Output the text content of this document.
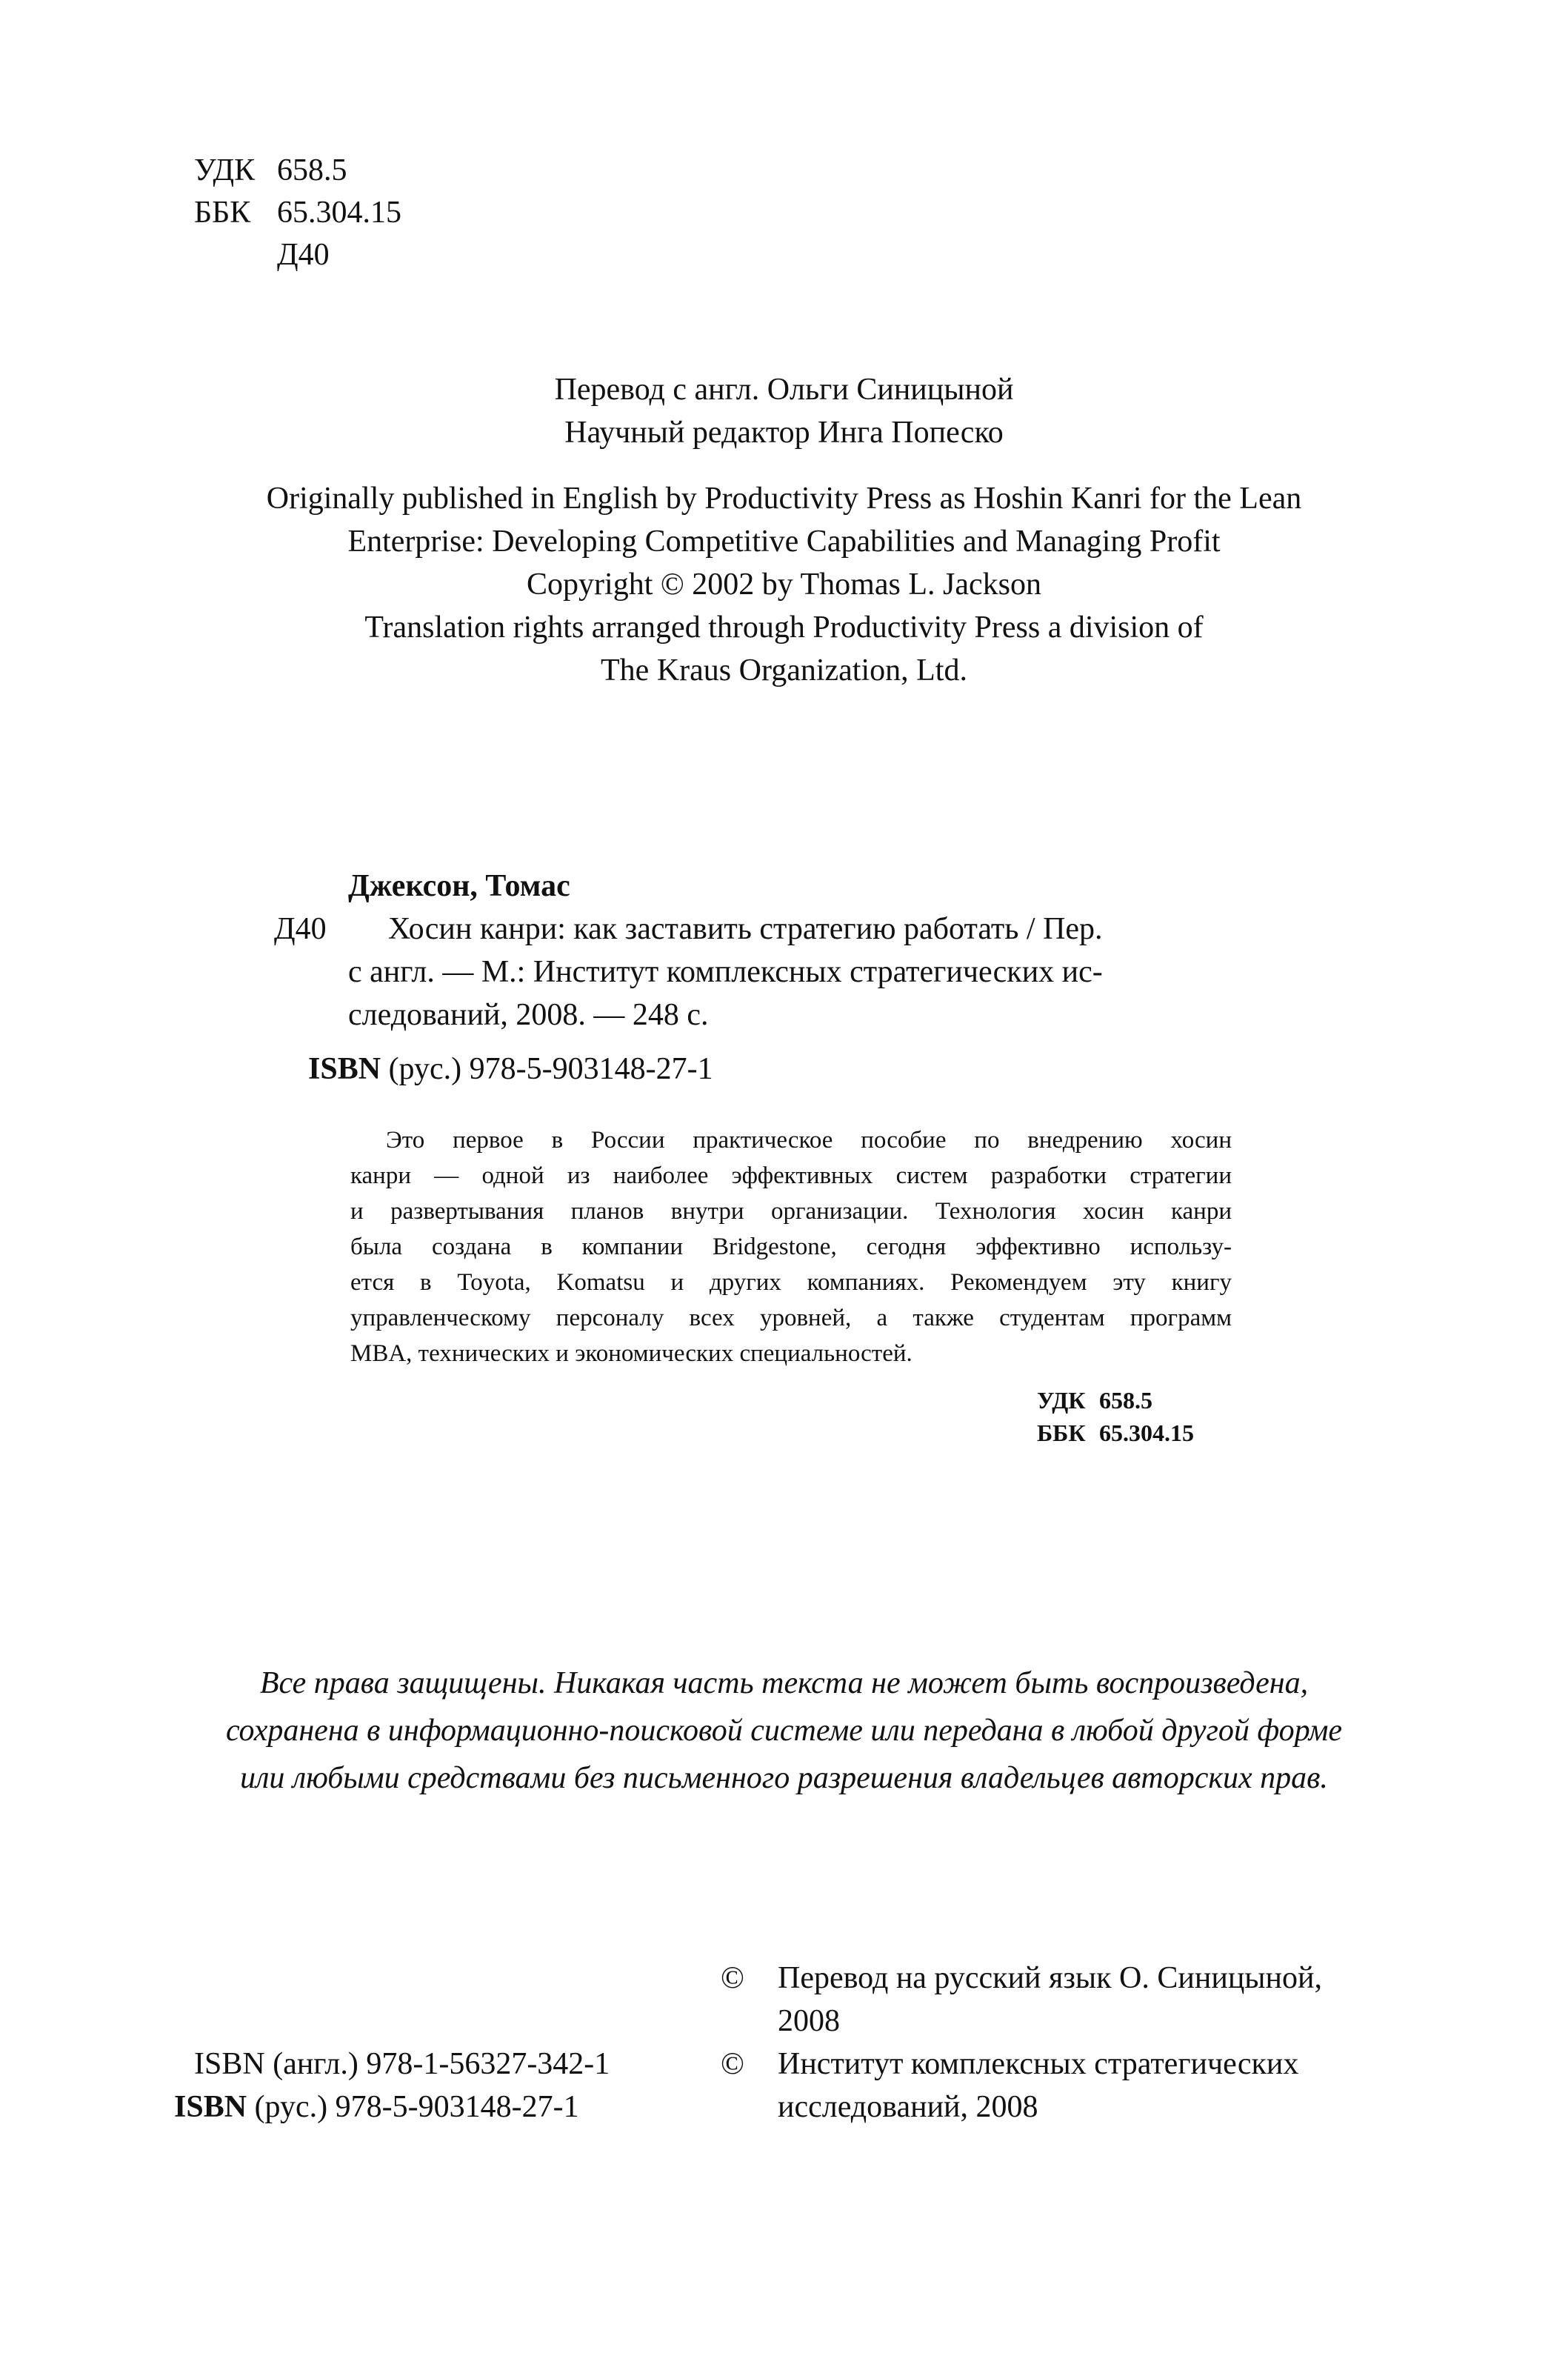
УДК 658.5
ББК 65.304.15
Д40
Перевод с англ. Ольги Синицыной
Научный редактор Инга Попеско
Originally published in English by Productivity Press as Hoshin Kanri for the Lean
Enterprise: Developing Competitive Capabilities and Managing Profit
Copyright © 2002 by Thomas L. Jackson
Translation rights arranged through Productivity Press a division of
The Kraus Organization, Ltd.
Джексон, Томас
Д40 Хосин канри: как заставить стратегию работать / Пер.
с англ. — М.: Институт комплексных стратегических ис-
следований, 2008. — 248 с.
ISBN (рус.) 978-5-903148-27-1
Это первое в России практическое пособие по внедрению хосин
канри — одной из наиболее эффективных систем разработки стратегии
и развертывания планов внутри организации. Технология хосин канри
была создана в компании Bridgestone, сегодня эффективно использу-
ется в Toyota, Komatsu и других компаниях. Рекомендуем эту книгу
управленческому персоналу всех уровней, а также студентам программ
MBA, технических и экономических специальностей.
УДК 658.5
ББК 65.304.15
Все права защищены. Никакая часть текста не может быть воспроизведена,
сохранена в информационно-поисковой системе или передана в любой другой форме
или любыми средствами без письменного разрешения владельцев авторских прав.
© Перевод на русский язык О. Синицыной,
2008
© Институт комплексных стратегических
исследований, 2008
ISBN (англ.) 978-1-56327-342-1
ISBN (рус.) 978-5-903148-27-1
